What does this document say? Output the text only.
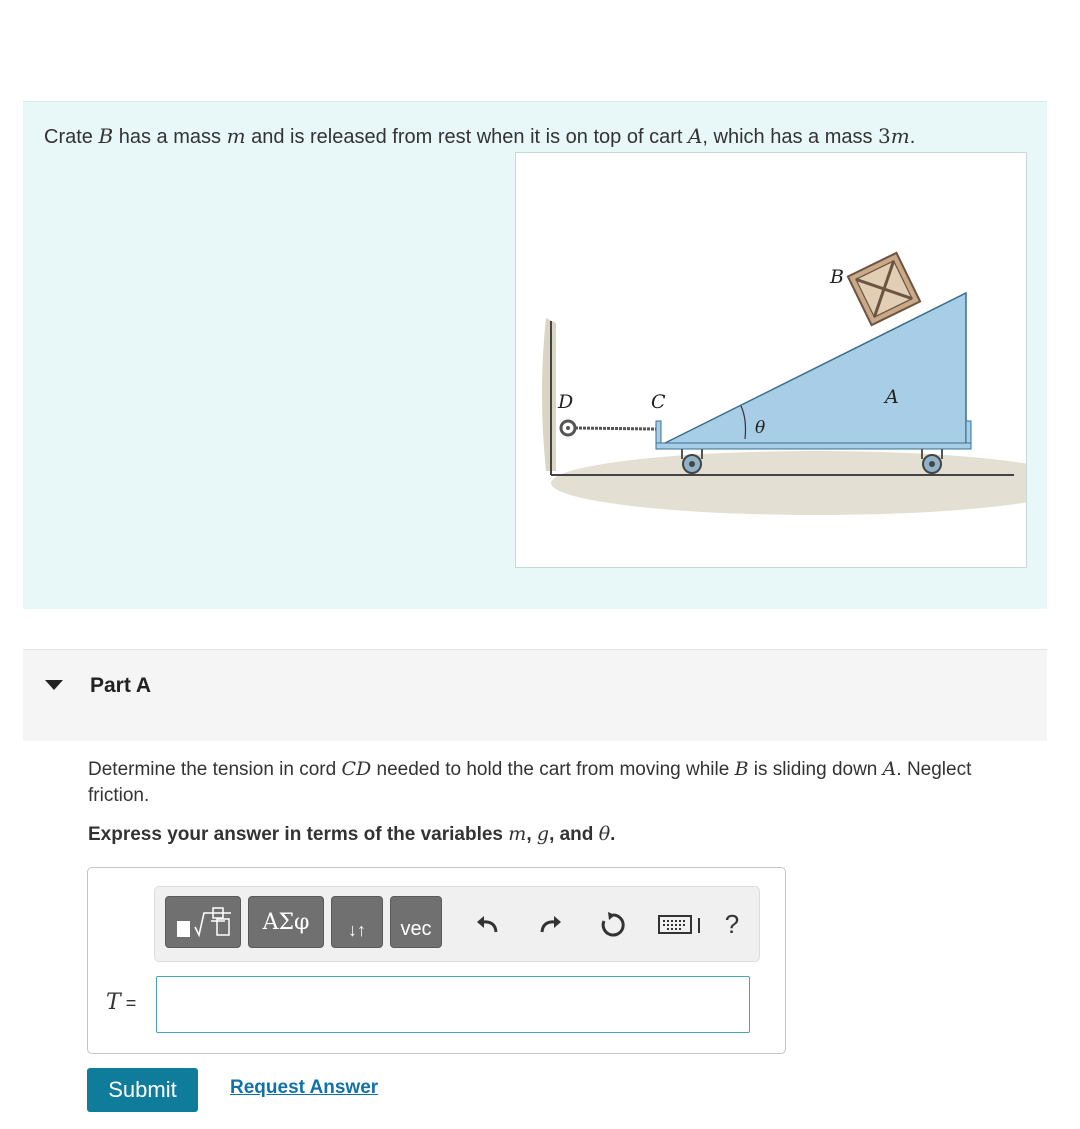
Crate B has a mass m and is released from rest when it is on top of cart A, which has a mass 3m.
B
A
C
D
θ
Part A
Determine the tension in cord CD needed to hold the cart from moving while B is sliding down A. Neglect friction.
Express your answer in terms of the variables m, g, and θ.
ΑΣφ ↓↑ vec	?
T =
Submit	Request Answer
